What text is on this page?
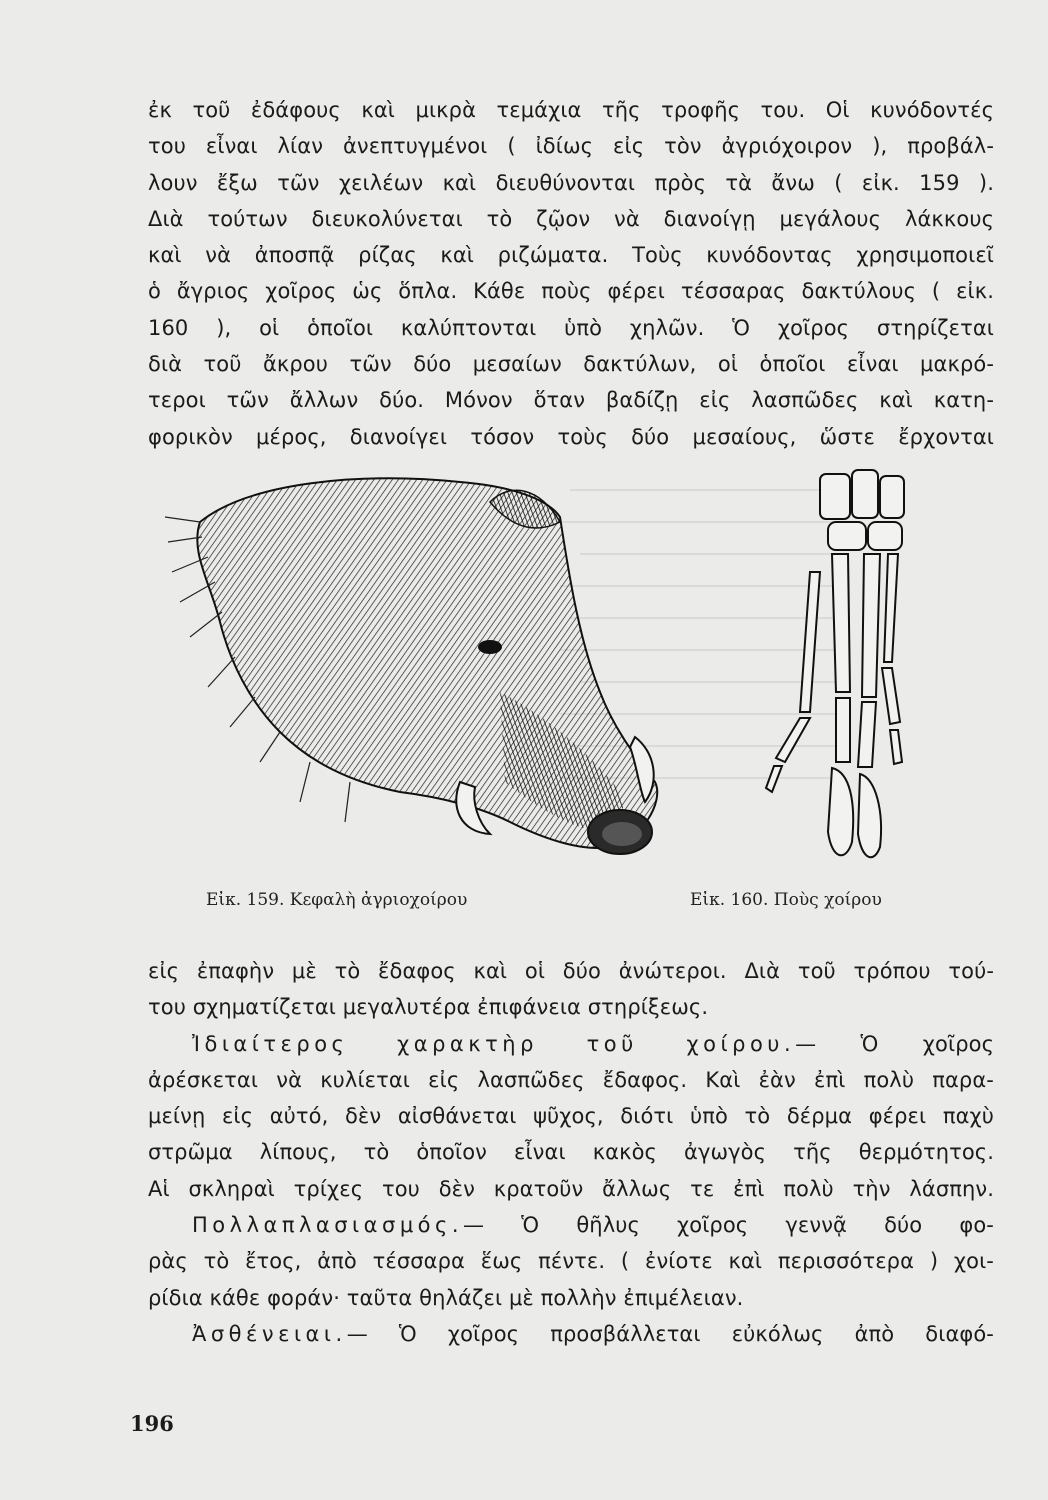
ἐκ τοῦ ἐδάφους καὶ μικρὰ τεμάχια τῆς τροφῆς του. Οἱ κυνόδοντές
του εἶναι λίαν ἀνεπτυγμένοι ( ἰδίως εἰς τὸν ἀγριόχοιρον ), προβάλ-
λουν ἔξω τῶν χειλέων καὶ διευθύνονται πρὸς τὰ ἄνω ( εἰκ. 159 ).
Διὰ τούτων διευκολύνεται τὸ ζῷον νὰ διανοίγῃ μεγάλους λάκκους
καὶ νὰ ἀποσπᾷ ρίζας καὶ ριζώματα. Τοὺς κυνόδοντας χρησιμοποιεῖ
ὁ ἄγριος χοῖρος ὡς ὅπλα. Κάθε ποὺς φέρει τέσσαρας δακτύλους ( εἰκ.
160 ), οἱ ὁποῖοι καλύπτονται ὑπὸ χηλῶν. Ὁ χοῖρος στηρίζεται
διὰ τοῦ ἄκρου τῶν δύο μεσαίων δακτύλων, οἱ ὁποῖοι εἶναι μακρό-
τεροι τῶν ἄλλων δύο. Μόνον ὅταν βαδίζῃ εἰς λασπῶδες καὶ κατη-
φορικὸν μέρος, διανοίγει τόσον τοὺς δύο μεσαίους, ὥστε ἔρχονται
Εἰκ. 159. Κεφαλὴ ἀγριοχοίρου	Εἰκ. 160. Ποὺς χοίρου
εἰς ἐπαφὴν μὲ τὸ ἔδαφος καὶ οἱ δύο ἀνώτεροι. Διὰ τοῦ τρόπου τού-
του σχηματίζεται μεγαλυτέρα ἐπιφάνεια στηρίξεως.
Ἰδιαίτερος χαρακτὴρ τοῦ χοίρου.— Ὁ χοῖρος
ἀρέσκεται νὰ κυλίεται εἰς λασπῶδες ἔδαφος. Καὶ ἐὰν ἐπὶ πολὺ παρα-
μείνῃ εἰς αὐτό, δὲν αἰσθάνεται ψῦχος, διότι ὑπὸ τὸ δέρμα φέρει παχὺ
στρῶμα λίπους, τὸ ὁποῖον εἶναι κακὸς ἀγωγὸς τῆς θερμότητος.
Αἱ σκληραὶ τρίχες του δὲν κρατοῦν ἄλλως τε ἐπὶ πολὺ τὴν λάσπην.
Πολλαπλασιασμός.— Ὁ θῆλυς χοῖρος γεννᾷ δύο φο-
ρὰς τὸ ἔτος, ἀπὸ τέσσαρα ἕως πέντε. ( ἐνίοτε καὶ περισσότερα ) χοι-
ρίδια κάθε φοράν· ταῦτα θηλάζει μὲ πολλὴν ἐπιμέλειαν.
Ἀσθένειαι.— Ὁ χοῖρος προσβάλλεται εὐκόλως ἀπὸ διαφό-
196
